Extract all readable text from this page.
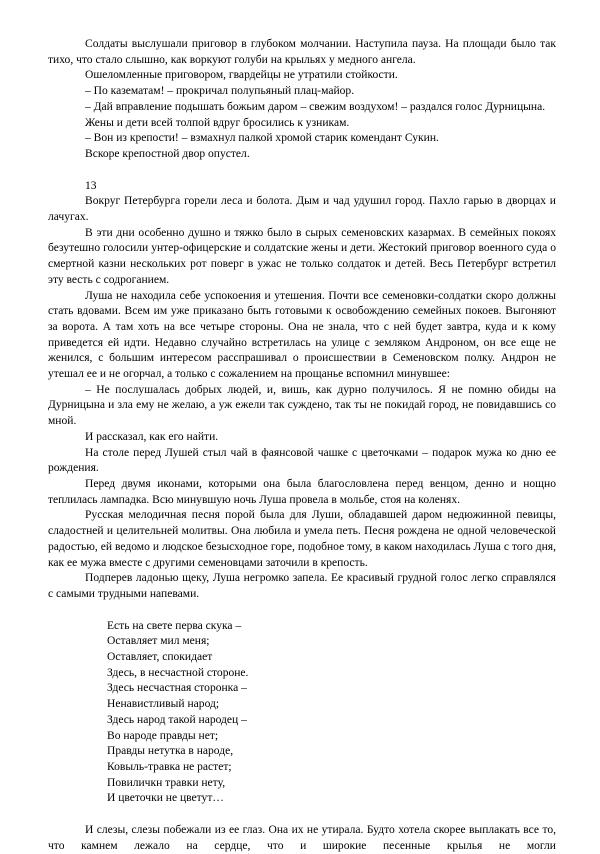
Солдаты выслушали приговор в глубоком молчании. Наступила пауза. На площади было так тихо, что стало слышно, как воркуют голуби на крыльях у медного ангела.

Ошеломленные приговором, гвардейцы не утратили стойкости.

– По казематам! – прокричал полупьяный плац-майор.

– Дай вправление подышать божьим даром – свежим воздухом! – раздался голос Дурницына.

Жены и дети всей толпой вдруг бросились к узникам.

– Вон из крепости! – взмахнул палкой хромой старик комендант Сукин.

Вскоре крепостной двор опустел.

13

Вокруг Петербурга горели леса и болота. Дым и чад удушил город. Пахло гарью в дворцах и лачугах.

В эти дни особенно душно и тяжко было в сырых семеновских казармах. В семейных покоях безутешно голосили унтер-офицерские и солдатские жены и дети. Жестокий приговор военного суда о смертной казни нескольких рот поверг в ужас не только солдаток и детей. Весь Петербург встретил эту весть с содроганием.

Луша не находила себе успокоения и утешения. Почти все семеновки-солдатки скоро должны стать вдовами. Всем им уже приказано быть готовыми к освобождению семейных покоев. Выгоняют за ворота. А там хоть на все четыре стороны. Она не знала, что с ней будет завтра, куда и к кому приведется ей идти. Недавно случайно встретилась на улице с земляком Андроном, он все еще не женился, с большим интересом расспрашивал о происшествии в Семеновском полку. Андрон не утешал ее и не огорчал, а только с сожалением на прощанье вспомнил минувшее:

– Не послушалась добрых людей, и, вишь, как дурно получилось. Я не помню обиды на Дурницына и зла ему не желаю, а уж ежели так суждено, так ты не покидай город, не повидавшись со мной.

И рассказал, как его найти.

На столе перед Лушей стыл чай в фаянсовой чашке с цветочками – подарок мужа ко дню ее рождения.

Перед двумя иконами, которыми она была благословлена перед венцом, денно и нощно теплилась лампадка. Всю минувшую ночь Луша провела в мольбе, стоя на коленях.

Русская мелодичная песня порой была для Луши, обладавшей даром недюжинной певицы, сладостней и целительней молитвы. Она любила и умела петь. Песня рождена не одной человеческой радостью, ей ведомо и людское безысходное горе, подобное тому, в каком находилась Луша с того дня, как ее мужа вместе с другими семеновцами заточили в крепость.

Подперев ладонью щеку, Луша негромко запела. Ее красивый грудной голос легко справлялся с самыми трудными напевами.

Есть на свете перва скука –

Оставляет мил меня;

Оставляет, спокидает

Здесь, в несчастной стороне.

Здесь несчастная сторонка –

Ненавистливый народ;

Здесь народ такой народец –

Во народе правды нет;

Правды нетутка в народе,

Ковыль-травка не растет;

Повиличкн травки нету,

И цветочки не цветут…

И слезы, слезы побежали из ее глаз. Она их не утирала. Будто хотела скорее выплакать все то, что камнем лежало на сердце, что и широкие песенные крылья не могли
